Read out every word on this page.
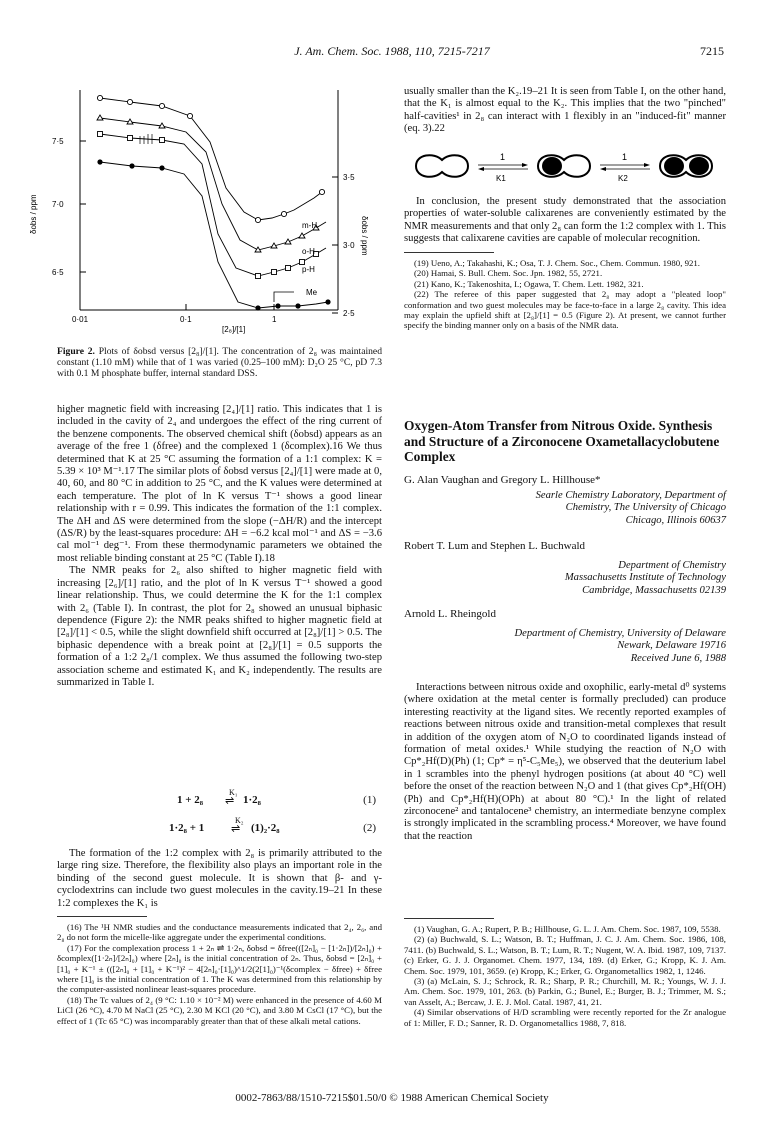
J. Am. Chem. Soc. 1988, 110, 7215-7217	7215
7·5
7·0
6·5
3·5
3·0
2·5
0·01	0·1	1
[2₈]/[1]
δobs / ppm
δobs / ppm
m-H
o-H
p-H
Me
Figure 2. Plots of δobsd versus [2₈]/[1]. The concentration of 2₈ was maintained constant (1.10 mM) while that of 1 was varied (0.25–100 mM): D₂O 25 °C, pD 7.3 with 0.1 M phosphate buffer, internal standard DSS.

higher magnetic field with increasing [2₄]/[1] ratio. This indicates that 1 is included in the cavity of 2₄ and undergoes the effect of the ring current of the benzene components. The observed chemical shift (δobsd) appears as an average of the free 1 (δfree) and the complexed 1 (δcomplex).16 We thus determined that K at 25 °C assuming the formation of a 1:1 complex: K = 5.39 × 10³ M⁻¹.17 The similar plots of δobsd versus [2₄]/[1] were made at 0, 40, 60, and 80 °C in addition to 25 °C, and the K values were determined at each temperature. The plot of ln K versus T⁻¹ shows a good linear relationship with r = 0.99. This indicates the formation of the 1:1 complex. The ΔH and ΔS were determined from the slope (−ΔH/R) and the intercept (ΔS/R) by the least-squares procedure: ΔH = −6.2 kcal mol⁻¹ and ΔS = −3.6 cal mol⁻¹ deg⁻¹. From these thermodynamic parameters we obtained the most reliable binding constant at 25 °C (Table I).18

The NMR peaks for 2₆ also shifted to higher magnetic field with increasing [2₆]/[1] ratio, and the plot of ln K versus T⁻¹ showed a good linear relationship. Thus, we could determine the K for the 1:1 complex with 2₆ (Table I). In contrast, the plot for 2₈ showed an unusual biphasic dependence (Figure 2): the NMR peaks shifted to higher magnetic field at [2₈]/[1] < 0.5, while the slight downfield shift occurred at [2₈]/[1] > 0.5. The biphasic dependence with a break point at [2₈]/[1] = 0.5 supports the formation of a 1:2 2₈/1 complex. We thus assumed the following two-step association scheme and estimated K₁ and K₂ independently. The results are summarized in Table I.

1 + 2₈
K₁
⇌ 1·2₈	(1)
1·2₈ + 1
K₂
⇌ (1)₂·2₈	(2)

The formation of the 1:2 complex with 2₈ is primarily attributed to the large ring size. Therefore, the flexibility also plays an important role in the binding of the second guest molecule. It is shown that β- and γ-cyclodextrins can include two guest molecules in the cavity.19–21 In these 1:2 complexes the K₁ is

(16) The ¹H NMR studies and the conductance measurements indicated that 2₄, 2₆, and 2₈ do not form the micelle-like aggregate under the experimental conditions.

(17) For the complexation process 1 + 2ₙ ⇌ 1·2ₙ, δobsd = δfree(([2ₙ]₀ − [1·2ₙ])/[2ₙ]₀) + δcomplex([1·2ₙ]/[2ₙ]₀) where [2ₙ]₀ is the initial concentration of 2ₙ. Thus, δobsd = [2ₙ]₀ + [1]₀ + K⁻¹ ± (([2ₙ]₀ + [1]₀ + K⁻¹)² − 4[2ₙ]₀·[1]₀)^1/2(2[1]₀)⁻¹(δcomplex − δfree) + δfree where [1]₀ is the initial concentration of 1. The K was determined from this relationship by the computer-assisted nonlinear least-squares procedure.

(18) The Tc values of 2₄ (9 °C: 1.10 × 10⁻² M) were enhanced in the presence of 4.60 M LiCl (26 °C), 4.70 M NaCl (25 °C), 2.30 M KCl (20 °C), and 3.80 M CsCl (17 °C), but the effect of 1 (Tc 65 °C) was incomparably greater than that of these alkali metal cations.

usually smaller than the K₂.19–21 It is seen from Table I, on the other hand, that the K₁ is almost equal to the K₂. This implies that the two "pinched" half-cavities¹ in 2₈ can interact with 1 flexibly in an "induced-fit" manner (eq. 3).22

1
K1
1
K2

In conclusion, the present study demonstrated that the association properties of water-soluble calixarenes are conveniently estimated by the NMR measurements and that only 2₈ can form the 1:2 complex with 1. This suggests that calixarene cavities are capable of molecular recognition.

(19) Ueno, A.; Takahashi, K.; Osa, T. J. Chem. Soc., Chem. Commun. 1980, 921.

(20) Hamai, S. Bull. Chem. Soc. Jpn. 1982, 55, 2721.

(21) Kano, K.; Takenoshita, I.; Ogawa, T. Chem. Lett. 1982, 321.

(22) The referee of this paper suggested that 2₈ may adopt a "pleated loop" conformation and two guest molecules may be face-to-face in a large 2₈ cavity. This idea may explain the upfield shift at [2₈]/[1] = 0.5 (Figure 2). At present, we cannot further specify the binding manner only on a basis of the NMR data.

Oxygen-Atom Transfer from Nitrous Oxide. Synthesis and Structure of a Zirconocene Oxametallacyclobutene Complex
G. Alan Vaughan and Gregory L. Hillhouse*
Searle Chemistry Laboratory, Department of
Chemistry, The University of Chicago
Chicago, Illinois 60637
Robert T. Lum and Stephen L. Buchwald
Department of Chemistry
Massachusetts Institute of Technology
Cambridge, Massachusetts 02139
Arnold L. Rheingold
Department of Chemistry, University of Delaware
Newark, Delaware 19716
Received June 6, 1988

Interactions between nitrous oxide and oxophilic, early-metal d⁰ systems (where oxidation at the metal center is formally precluded) can produce interesting reactivity at the ligand sites. We recently reported examples of reactions between nitrous oxide and transition-metal complexes that result in addition of the oxygen atom of N₂O to coordinated ligands instead of formation of metal oxides.¹ While studying the reaction of N₂O with Cp*₂Hf(D)(Ph) (1; Cp* = η⁵-C₅Me₅), we observed that the deuterium label in 1 scrambles into the phenyl hydrogen positions (at about 40 °C) well before the onset of the reaction between N₂O and 1 (that gives Cp*₂Hf(OH)(Ph) and Cp*₂Hf(H)(OPh) at about 80 °C).¹ In the light of related zirconocene² and tantalocene³ chemistry, an intermediate benzyne complex is strongly implicated in the scrambling process.⁴ Moreover, we have found that the reaction

(1) Vaughan, G. A.; Rupert, P. B.; Hillhouse, G. L. J. Am. Chem. Soc. 1987, 109, 5538.

(2) (a) Buchwald, S. L.; Watson, B. T.; Huffman, J. C. J. Am. Chem. Soc. 1986, 108, 7411. (b) Buchwald, S. L.; Watson, B. T.; Lum, R. T.; Nugent, W. A. Ibid. 1987, 109, 7137. (c) Erker, G. J. J. Organomet. Chem. 1977, 134, 189. (d) Erker, G.; Kropp, K. J. Am. Chem. Soc. 1979, 101, 3659. (e) Kropp, K.; Erker, G. Organometallics 1982, 1, 1246.

(3) (a) McLain, S. J.; Schrock, R. R.; Sharp, P. R.; Churchill, M. R.; Youngs, W. J. J. Am. Chem. Soc. 1979, 101, 263. (b) Parkin, G.; Bunel, E.; Burger, B. J.; Trimmer, M. S.; van Asselt, A.; Bercaw, J. E. J. Mol. Catal. 1987, 41, 21.

(4) Similar observations of H/D scrambling were recently reported for the Zr analogue of 1: Miller, F. D.; Sanner, R. D. Organometallics 1988, 7, 818.

0002-7863/88/1510-7215$01.50/0 © 1988 American Chemical Society
